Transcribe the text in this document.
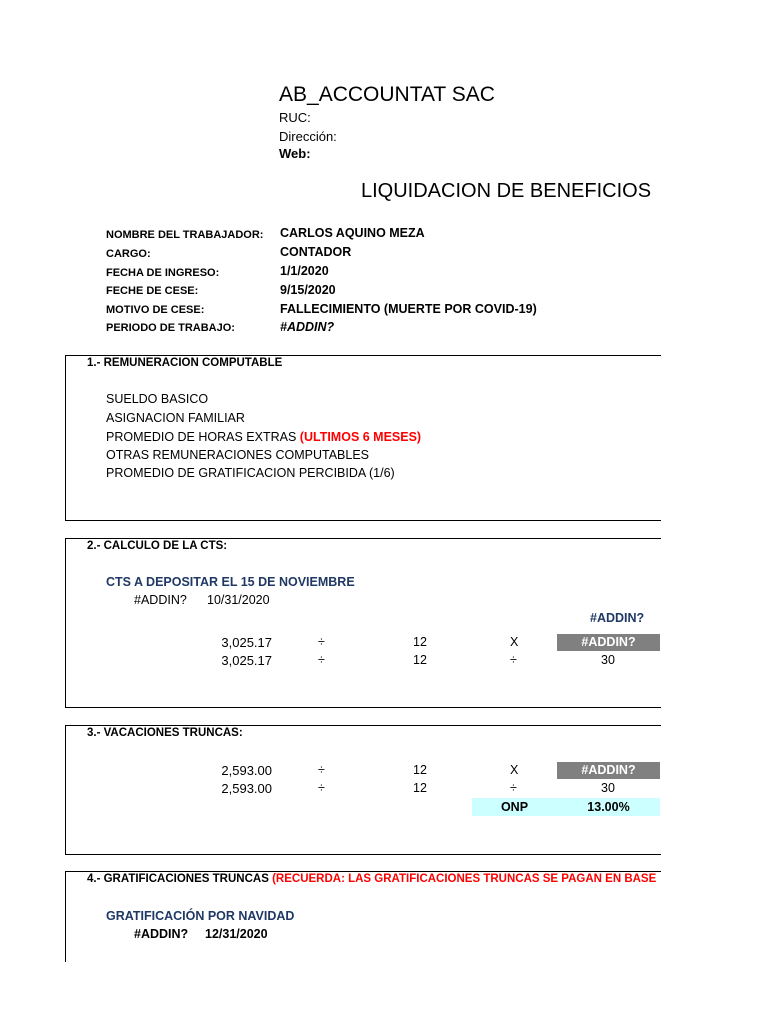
AB_ACCOUNTAT SAC
RUC:
Dirección:
Web:
LIQUIDACION DE BENEFICIOS
NOMBRE DEL TRABAJADOR: CARLOS AQUINO MEZA
CARGO:	CONTADOR
FECHA DE INGRESO:	1/1/2020
FECHE DE CESE:	9/15/2020
MOTIVO DE CESE:	FALLECIMIENTO (MUERTE POR COVID-19)
PERIODO DE TRABAJO:	#ADDIN?
1.- REMUNERACION COMPUTABLE
SUELDO BASICO
ASIGNACION FAMILIAR
PROMEDIO DE HORAS EXTRAS (ULTIMOS 6 MESES)
OTRAS REMUNERACIONES COMPUTABLES
PROMEDIO DE GRATIFICACION PERCIBIDA (1/6)
2.- CALCULO DE LA CTS:
CTS A DEPOSITAR EL 15 DE NOVIEMBRE
#ADDIN? 10/31/2020
#ADDIN?
3,025.17	÷	12	X	#ADDIN?
3,025.17	÷	12	÷	30
3.- VACACIONES TRUNCAS:
2,593.00	÷	12	X	#ADDIN?
2,593.00	÷	12	÷	30
ONP	13.00%
4.- GRATIFICACIONES TRUNCAS (RECUERDA: LAS GRATIFICACIONES TRUNCAS SE PAGAN EN BASE
GRATIFICACIÓN POR NAVIDAD
#ADDIN? 12/31/2020
